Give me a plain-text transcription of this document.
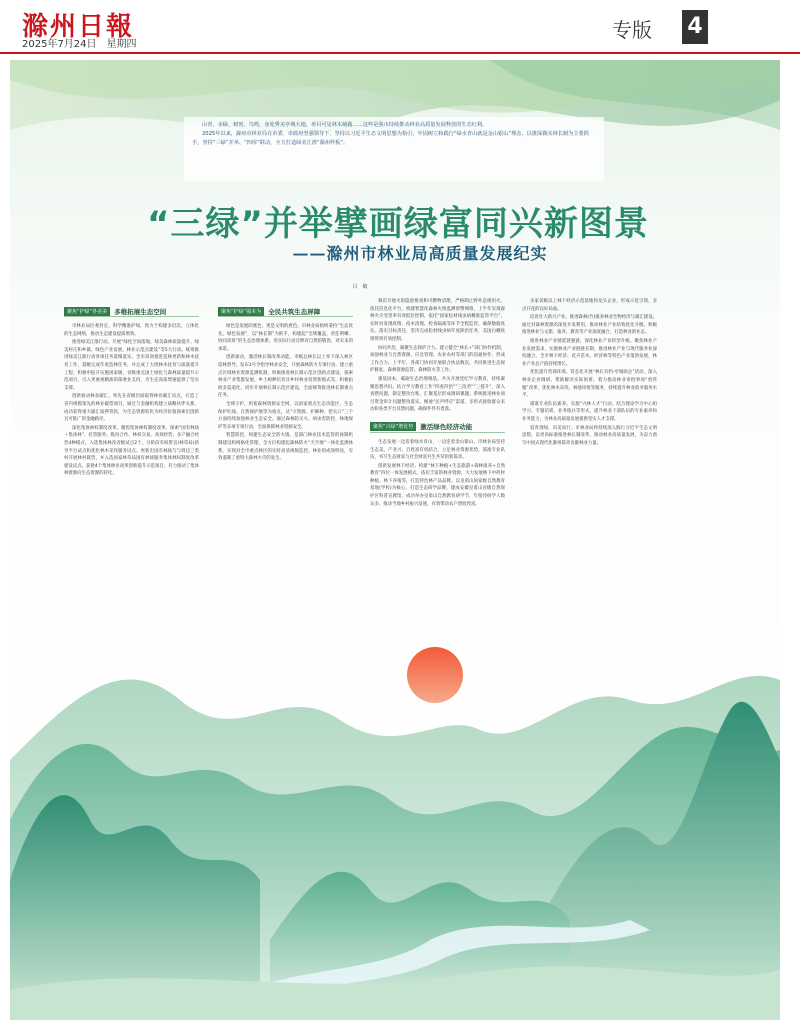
滁州日報
2025年7月24日　星期四
专版 4

山青、水绿、树密、鸟鸣，身处秀美亭城大地，举目可见林木葳蕤……这些是我市持续推动林业高质量发展释放的生态红利。

2025年以来，滁州市林业局在市委、市政府坚强领导下，坚持以习近平生态文明思想为指引，牢固树立和践行“绿水青山就是金山银山”理念，以推深做实林长制为主要抓手，坚持“三绿”并举、“四库”联动，全力打造绿美江淮“滁州样板”。

“三绿”并举擘画绿富同兴新图景
——滁州市林业局高质量发展纪实
吕　敏
聚焦“护绿”各美美	多维拓展生态空间

市林业局区委封定、科学精准护绿，致力于构建多层次、立体化的生态网络，推动生态建设提质增效。

推进绿美江淮行动。开展“绿化空间落地、绿美森林质量提升、绿美村庄和乡镇、绿色产业发展、林业示范点建设”等5大行动。统筹推进绿美江淮行动各项任务落细落实。全市高效推进造林更新和林木抚育工作，超额完成年度造林任务，并完成了大批林木抚育与质量提升工程。积极申报开实施国家级、省级重点国土绿化与森林质量提升示范项目，引入更重视精准的部委业支持，为生态高质增速提供了坚实支撑。

创新驱动林业碳汇。率先在省级层面取得林业碳汇试点，打造了省内规模领先的林业碳票项目。通过与金融机构建立战略伙伴关系，成功获得重大碳汇质押贷款，为生态资源转化为经济价值探索出创新且可推广的金融路径。

深化集体林权制度改革。聚焦集体林权制度改革，探索“国有林场＋集体林”、托管服务、股份合作、林权交易、高效经营、多产融合经营4种模式。入选集体林改省级试点2个，分阶段有权带宣(林草局)新享平台试点和优化林木采伐服务试点。更新出国有林场与与周边三类村开展林村联营，并入选国家林草局国有林场服务集体林权制度改革建设试点。获批4个集体林业改革创新提升示范项目，有力推动了集体林资源向生态资源的转化。

聚焦“护绿”强本为	全民共筑生态屏障

绿色是发展的底色，更是文明的底色。市林业局始终秉持“生态优先、绿色发展”，以“林长制”为抓手，构建起“全域覆盖、责任明晰、协同高效”的生态治理体系，用实际行动诠释对自然的敬畏、对未来的承诺。

创新驱动，激活林长制改革动能。市级总林长以上率下深入林区巡林督导，发布1号令指导林业安全，开展森林防火专项行动。建立重点区域林业资源监测机制，积极推进林长制示范区创新点建设，探索林业产业集群发展，乡土树种培育及乡村林业投资新模式等，积极拓展多渠道化，同步开展林长制示范区建设，全面统筹推进林长制重点任务。

全域守护，织密森林资源安全网。以国家重点生态功能区、生态保护红线、自然保护地等为重点，从“守资源、护修种、把关口”三个方面持续加强林业生态安全。通过森林防灭火、病虫害防控、林地保护等多项专项行动，全面保障林业资源安全。

智慧防控，构建生态安全防火墙。是部门林业技术监管的体制机制建设和网格化管理，全方位构建起森林防火“天空地”一体化监测体系，实现对全市重点林区的实时高清视频监控。林业的成效明显，有效遏制了重特大森林火灾的发生。

频次开展火险隐患排查和可燃物清理，严格制止野外违规用火。依托信息化平台，构建智慧化森林火情监测预警网络，上半年实现森林火灾受害率有效低位控制。依托“国家松材线虫病精准监管平台”，实时对发现疫情、疫木清理、检查隔离等环节全程监管，确保数据真实。落实目标责任，坚决完成松材线虫病年度除治任务，美国白蛾疫情得到有效控制。

协同共治，凝聚生态保护合力。建立健全“林长+”部门协作机制，加强林业与自然资源、应急管理、农业农村等部门的沟通协作，形成工作合力。上半年，各部门协同开展联合执法数次，共同推进生态保护修复、森林资源监管、森林防火等工作。

强基固本，砥砺生态治理根基。共关开展党纪学习教育，持续凝聚思想共识。结合学习教育工作“四查四治”“三改善”“三提升”，深入查摆问题，制定整改台账，汇聚基层形成调研课题。系统推进林业项目资金审计问题整改落实。畅通“民声呼应”渠道，多形式接收群众来访和各类平台反馈问题，确保件件有着落。

聚焦“兴绿”增优势	激活绿色经济动能

生态发展一边连着绿水青山，一边连着金山银山。市林业局坚持生态美、产业兴、百姓富有机结合，立足林业资源优势，锚准专业队伍，书写生态财富与社会财富共生共荣的新篇章。

创新发展林下经济。构建“林下种植+生态旅游+森林康养+自然教育”四位一体发展模式，依托丰富的林业资源，大力发展林下中药材种植、林下养殖等，打造特色林产品品牌。以皇甫山国家级自然教育基地(学校)为核心，打造生态研学品牌，建成安徽皇甫山省级自然保护区科普宣教馆，成功举办皇甫山自然教育研学节，年接待研学人数众多。推动当地乡村振兴发展，有效带动农户增收致富。

多家省级以上林下经济示范基地和龙头企业，形成示范引领、多点开花的良好局面。

培育壮大新兴产业。推进森林(竹)康养林业生物经济与碳汇建设，通过对森林资源的深度开发利用，推动林业产业结构优化升级。积极推进林业与文旅、康养、教育等产业深度融合，打造林业新业态。

推进林业产业链延链强链，深化林业产业转型升级。聚焦林业产业发展需求，实施林业产业链链长制，推进林业产业与现代服务业深度融合。全市林下经济、花卉苗木、经济林等特色产业蓬勃发展，林业产业总产值持续增长。

优化提升营商环境。常态化开展“林长有约·亭城助企”活动，深入林业企业调研，帮助解决实际困难。着力推动林业审批事项“放管服”改革，优化林木采伐、林地审批等服务，持续提升林业政务服务水平。

锚准专业队伍素养。实施“兴林人才”行动，结合理论学习中心组学习、专题培训、业务练兵等形式，提升林业干部队伍的专业素养和业务能力，为林业高质量发展提供坚实人才支撑。

追青逐绿，向美而行。市林业局将持续深入践行习近平生态文明思想，以更高标准推进林长制改革，推动林业高质量发展，为奋力谱写中国式现代化滁州篇章贡献林业力量。
